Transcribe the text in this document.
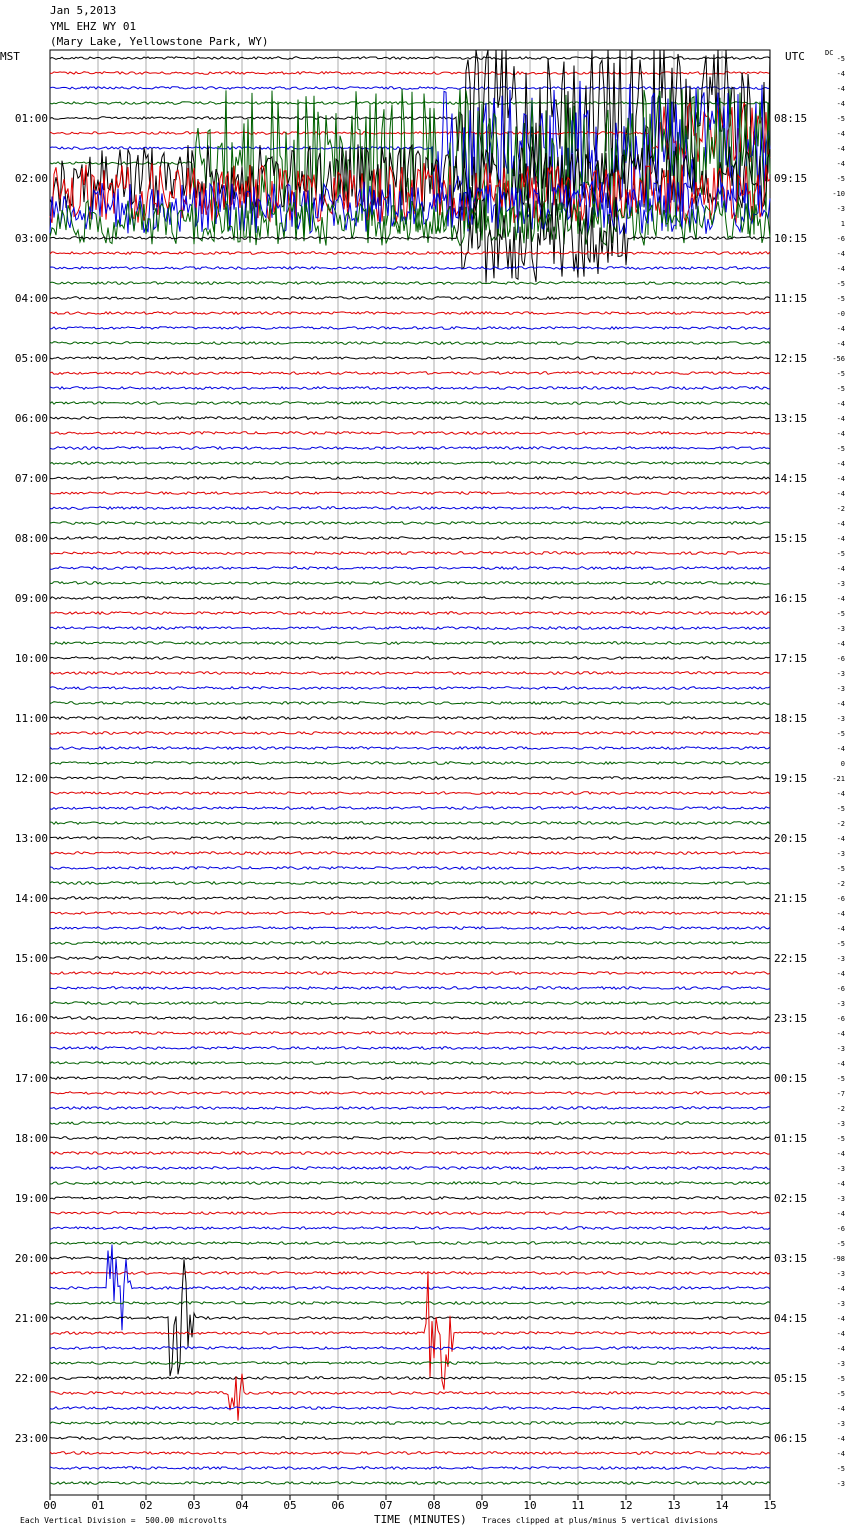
Jan 5,2013
YML EHZ WY 01
(Mary Lake, Yellowstone Park, WY)
MST	UTC	DC
00	01	02	03	04	05	06	07	08	09	10	11	12	13	14	15
-5
-4
-4
-4
-5
-4
-4
-4
-5
-10
-3
1
-6
-4
-4
-5
-5
-0
-4
-4
-56
-5
-5
-4
-4
-4
-5
-4
-4
-4
-2
-4
-4
-5
-4
-3
-4
-5
-3
-4
-6
-3
-3
-4
-3
-5
-4
0
-21
-4
-5
-2
-4
-3
-5
-2
-6
-4
-4
-5
-3
-4
-6
-3
-6
-4
-3
-4
-5
-7
-2
-3
-5
-4
-3
-4
-3
-4
-6
-5
-98
-3
-4
-3
-4
-4
-4
-3
-5
-5
-4
-3
-4
-4
-5
-3
01:00
02:00
03:00
04:00
05:00
06:00
07:00
08:00
09:00
10:00
11:00
12:00
13:00
14:00
15:00
16:00
17:00
18:00
19:00
20:00
21:00
22:00
23:00
08:15
09:15
10:15
11:15
12:15
13:15
14:15
15:15
16:15
17:15
18:15
19:15
20:15
21:15
22:15
23:15
00:15
01:15
02:15
03:15
04:15
05:15
06:15
Each Vertical Division =  500.00 microvolts	TIME (MINUTES) Traces clipped at plus/minus 5 vertical divisions
